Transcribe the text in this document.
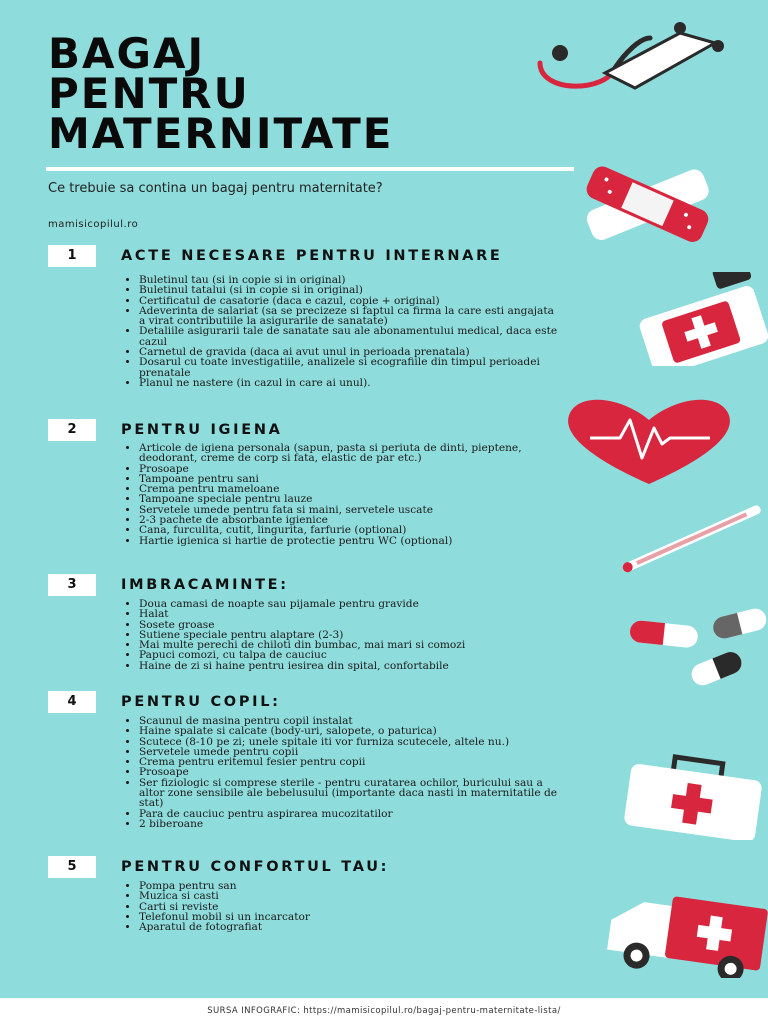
BAGAJ
PENTRU
MATERNITATE

Ce trebuie sa contina un bagaj pentru maternitate?

mamisicopilul.ro

1	ACTE NECESARE PENTRU INTERNARE
• Buletinul tau (si in copie si in original)
• Buletinul tatalui (si in copie si in original)
• Certificatul de casatorie (daca e cazul, copie + original)
• Adeverinta de salariat (sa se precizeze si faptul ca firma la care esti angajata a virat contributiile la asigurarile de sanatate)
• Detaliile asigurarii tale de sanatate sau ale abonamentului medical, daca este cazul
• Carnetul de gravida (daca ai avut unul in perioada prenatala)
• Dosarul cu toate investigatiile, analizele si ecografiile din timpul perioadei prenatale
• Planul ne nastere (in cazul in care ai unul).
2	PENTRU IGIENA
• Articole de igiena personala (sapun, pasta si periuta de dinti, pieptene, deodorant, creme de corp si fata, elastic de par etc.)
• Prosoape
• Tampoane pentru sani
• Crema pentru mameloane
• Tampoane speciale pentru lauze
• Servetele umede pentru fata si maini, servetele uscate
• 2-3 pachete de absorbante igienice
• Cana, furculita, cutit, lingurita, farfurie (optional)
• Hartie igienica si hartie de protectie pentru WC (optional)
3	IMBRACAMINTE:
• Doua camasi de noapte sau pijamale pentru gravide
• Halat
• Sosete groase
• Sutiene speciale pentru alaptare (2-3)
• Mai multe perechi de chiloti din bumbac, mai mari si comozi
• Papuci comozi, cu talpa de cauciuc
• Haine de zi si haine pentru iesirea din spital, confortabile
4	PENTRU COPIL:
• Scaunul de masina pentru copil instalat
• Haine spalate si calcate (body-uri, salopete, o paturica)
• Scutece (8-10 pe zi; unele spitale iti vor furniza scutecele, altele nu.)
• Servetele umede pentru copii
• Crema pentru eritemul fesier pentru copii
• Prosoape
• Ser fiziologic si comprese sterile - pentru curatarea ochilor, buricului sau a altor zone sensibile ale bebelusului (importante daca nasti in maternitatile de stat)
• Para de cauciuc pentru aspirarea mucozitatilor
• 2 biberoane
5	PENTRU CONFORTUL TAU:
• Pompa pentru san
• Muzica si casti
• Carti si reviste
• Telefonul mobil si un incarcator
• Aparatul de fotografiat
SURSA INFOGRAFIC: https://mamisicopilul.ro/bagaj-pentru-maternitate-lista/
